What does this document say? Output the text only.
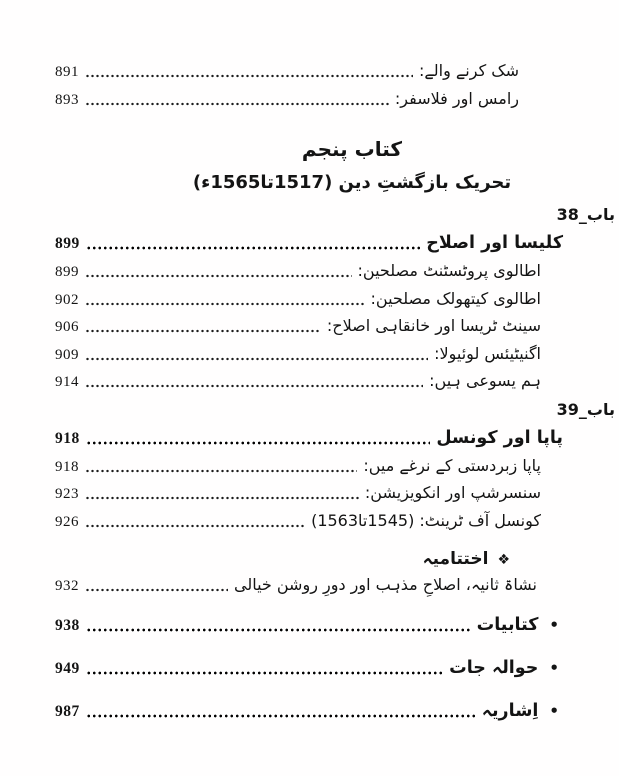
شک کرنے والے:
891
رامس اور فلاسفر:
893
کتاب پنجم
تحریک بازگشتِ دین (1517تا1565ء)
باب_38
کلیسا اور اصلاح
899
اطالوی پروٹسٹنٹ مصلحین:
899
اطالوی کیتھولک مصلحین:
902
سینٹ ٹریسا اور خانقاہی اصلاح:
906
اگنیٹیئس لوئیولا:
909
ہم یسوعی ہیں:
914
باب_39
پاپا اور کونسل
918
پاپا زبردستی کے نرغے میں:
918
سنسرشپ اور انکویزیشن:
923
کونسل آف ٹرینٹ: (1545تا1563)
926
❖اختتامیہ
نشاۃ ثانیہ، اصلاحِ مذہب اور دورِ روشن خیالی
932
•
کتابیات
938
•
حوالہ جات
949
•
اِشاریہ
987
